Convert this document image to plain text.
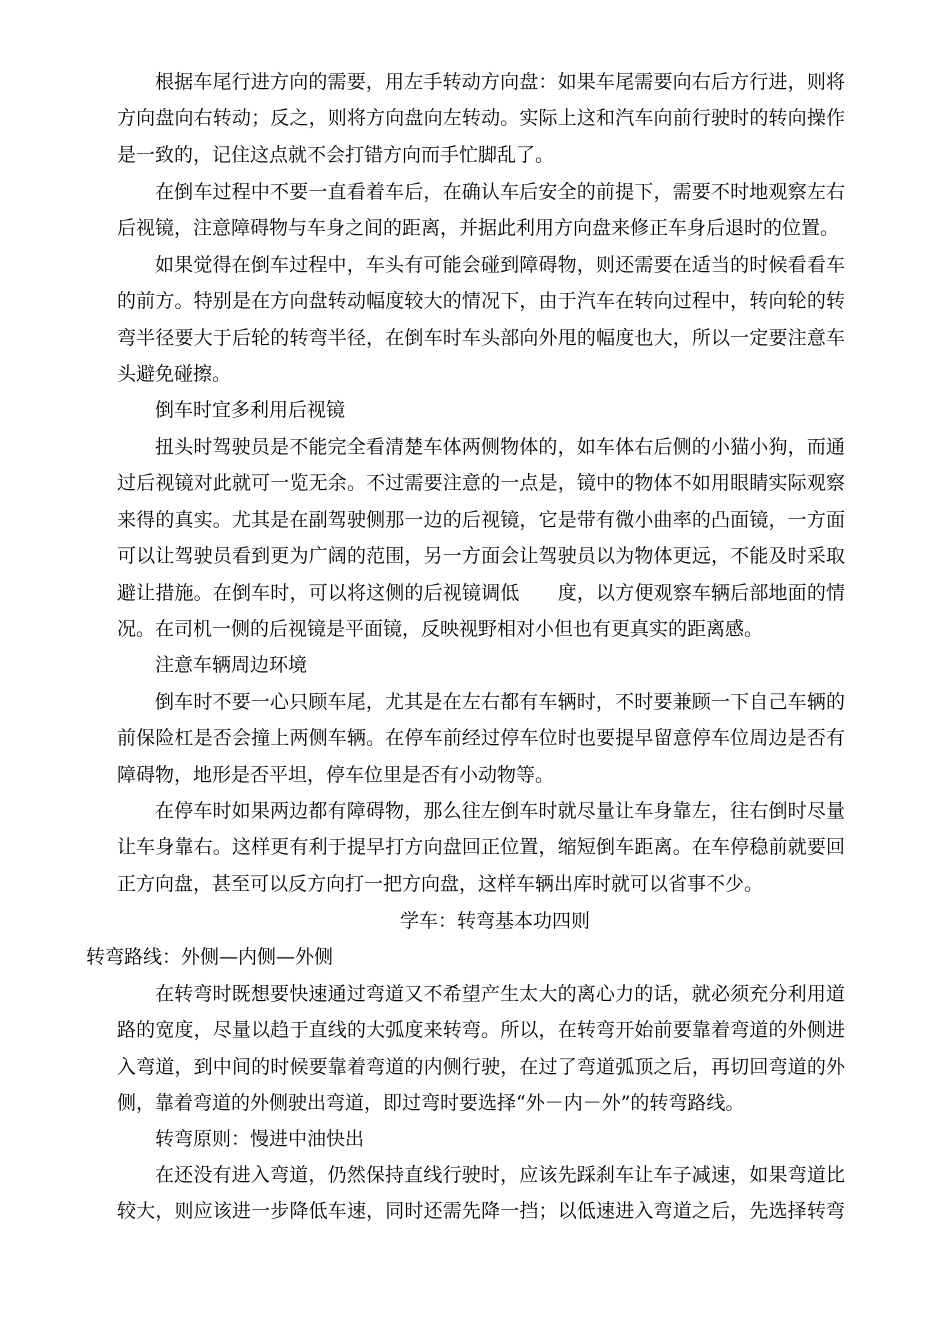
根据车尾行进方向的需要，用左手转动方向盘：如果车尾需要向右后方行进，则将方向盘向右转动；反之，则将方向盘向左转动。实际上这和汽车向前行驶时的转向操作是一致的，记住这点就不会打错方向而手忙脚乱了。

在倒车过程中不要一直看着车后，在确认车后安全的前提下，需要不时地观察左右后视镜，注意障碍物与车身之间的距离，并据此利用方向盘来修正车身后退时的位置。

如果觉得在倒车过程中，车头有可能会碰到障碍物，则还需要在适当的时候看看车的前方。特别是在方向盘转动幅度较大的情况下，由于汽车在转向过程中，转向轮的转弯半径要大于后轮的转弯半径，在倒车时车头部向外甩的幅度也大，所以一定要注意车头避免碰擦。

倒车时宜多利用后视镜

扭头时驾驶员是不能完全看清楚车体两侧物体的，如车体右后侧的小猫小狗，而通过后视镜对此就可一览无余。不过需要注意的一点是，镜中的物体不如用眼睛实际观察来得的真实。尤其是在副驾驶侧那一边的后视镜，它是带有微小曲率的凸面镜，一方面可以让驾驶员看到更为广阔的范围，另一方面会让驾驶员以为物体更远，不能及时采取避让措施。在倒车时，可以将这侧的后视镜调低　　度，以方便观察车辆后部地面的情况。在司机一侧的后视镜是平面镜，反映视野相对小但也有更真实的距离感。

注意车辆周边环境

倒车时不要一心只顾车尾，尤其是在左右都有车辆时，不时要兼顾一下自己车辆的前保险杠是否会撞上两侧车辆。在停车前经过停车位时也要提早留意停车位周边是否有障碍物，地形是否平坦，停车位里是否有小动物等。

在停车时如果两边都有障碍物，那么往左倒车时就尽量让车身靠左，往右倒时尽量让车身靠右。这样更有利于提早打方向盘回正位置，缩短倒车距离。在车停稳前就要回正方向盘，甚至可以反方向打一把方向盘，这样车辆出库时就可以省事不少。

学车：转弯基本功四则

转弯路线：外侧—内侧—外侧

在转弯时既想要快速通过弯道又不希望产生太大的离心力的话，就必须充分利用道路的宽度，尽量以趋于直线的大弧度来转弯。所以，在转弯开始前要靠着弯道的外侧进入弯道，到中间的时候要靠着弯道的内侧行驶，在过了弯道弧顶之后，再切回弯道的外侧，靠着弯道的外侧驶出弯道，即过弯时要选择“外－内－外”的转弯路线。

转弯原则：慢进中油快出

在还没有进入弯道，仍然保持直线行驶时，应该先踩刹车让车子减速，如果弯道比较大，则应该进一步降低车速，同时还需先降一挡；以低速进入弯道之后，先选择转弯
